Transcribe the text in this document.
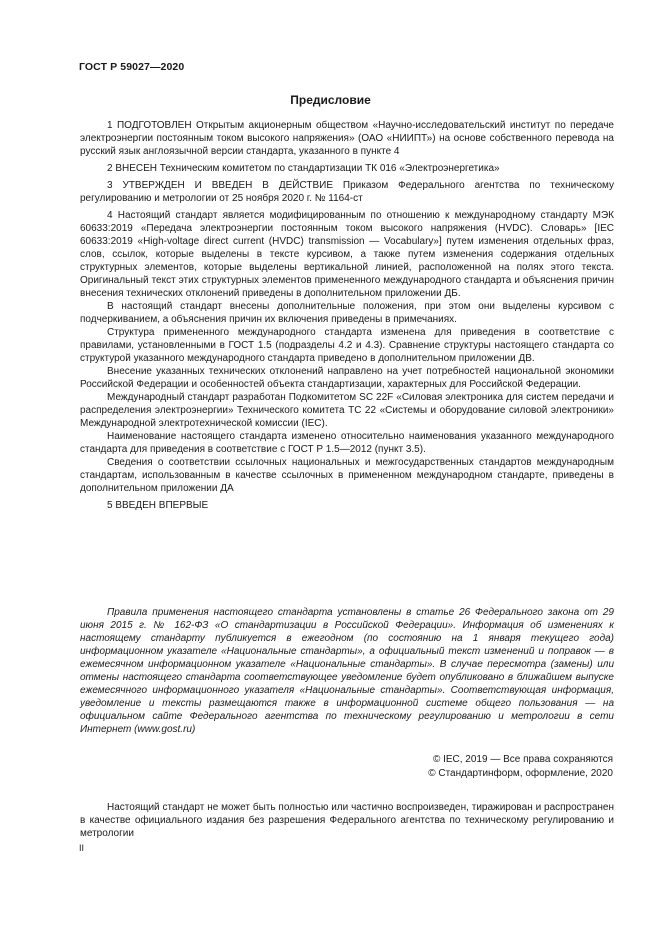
ГОСТ Р 59027—2020
Предисловие

1 ПОДГОТОВЛЕН Открытым акционерным обществом «Научно-исследовательский институт по передаче электроэнергии постоянным током высокого напряжения» (ОАО «НИИПТ») на основе собственного перевода на русский язык англоязычной версии стандарта, указанного в пункте 4

2 ВНЕСЕН Техническим комитетом по стандартизации ТК 016 «Электроэнергетика»

3 УТВЕРЖДЕН И ВВЕДЕН В ДЕЙСТВИЕ Приказом Федерального агентства по техническому регулированию и метрологии от 25 ноября 2020 г. № 1164-ст

4 Настоящий стандарт является модифицированным по отношению к международному стандарту МЭК 60633:2019 «Передача электроэнергии постоянным током высокого напряжения (HVDC). Словарь» [IEC 60633:2019 «High-voltage direct current (HVDC) transmission — Vocabulary»] путем изменения отдельных фраз, слов, ссылок, которые выделены в тексте курсивом, а также путем изменения содержания отдельных структурных элементов, которые выделены вертикальной линией, расположенной на полях этого текста. Оригинальный текст этих структурных элементов примененного международного стандарта и объяснения причин внесения технических отклонений приведены в дополнительном приложении ДБ.

В настоящий стандарт внесены дополнительные положения, при этом они выделены курсивом с подчеркиванием, а объяснения причин их включения приведены в примечаниях.

Структура примененного международного стандарта изменена для приведения в соответствие с правилами, установленными в ГОСТ 1.5 (подразделы 4.2 и 4.3). Сравнение структуры настоящего стандарта со структурой указанного международного стандарта приведено в дополнительном приложении ДВ.

Внесение указанных технических отклонений направлено на учет потребностей национальной экономики Российской Федерации и особенностей объекта стандартизации, характерных для Российской Федерации.

Международный стандарт разработан Подкомитетом SC 22F «Силовая электроника для систем передачи и распределения электроэнергии» Технического комитета TC 22 «Системы и оборудование силовой электроники» Международной электротехнической комиссии (IEC).

Наименование настоящего стандарта изменено относительно наименования указанного международного стандарта для приведения в соответствие с ГОСТ Р 1.5—2012 (пункт 3.5).

Сведения о соответствии ссылочных национальных и межгосударственных стандартов международным стандартам, использованным в качестве ссылочных в примененном международном стандарте, приведены в дополнительном приложении ДА

5 ВВЕДЕН ВПЕРВЫЕ

Правила применения настоящего стандарта установлены в статье 26 Федерального закона от 29 июня 2015 г. № 162-ФЗ «О стандартизации в Российской Федерации». Информация об изменениях к настоящему стандарту публикуется в ежегодном (по состоянию на 1 января текущего года) информационном указателе «Национальные стандарты», а официальный текст изменений и поправок — в ежемесячном информационном указателе «Национальные стандарты». В случае пересмотра (замены) или отмены настоящего стандарта соответствующее уведомление будет опубликовано в ближайшем выпуске ежемесячного информационного указателя «Национальные стандарты». Соответствующая информация, уведомление и тексты размещаются также в информационной системе общего пользования — на официальном сайте Федерального агентства по техническому регулированию и метрологии в сети Интернет (www.gost.ru)

© IEC, 2019 — Все права сохраняются
© Стандартинформ, оформление, 2020

Настоящий стандарт не может быть полностью или частично воспроизведен, тиражирован и распространен в качестве официального издания без разрешения Федерального агентства по техническому регулированию и метрологии

II
